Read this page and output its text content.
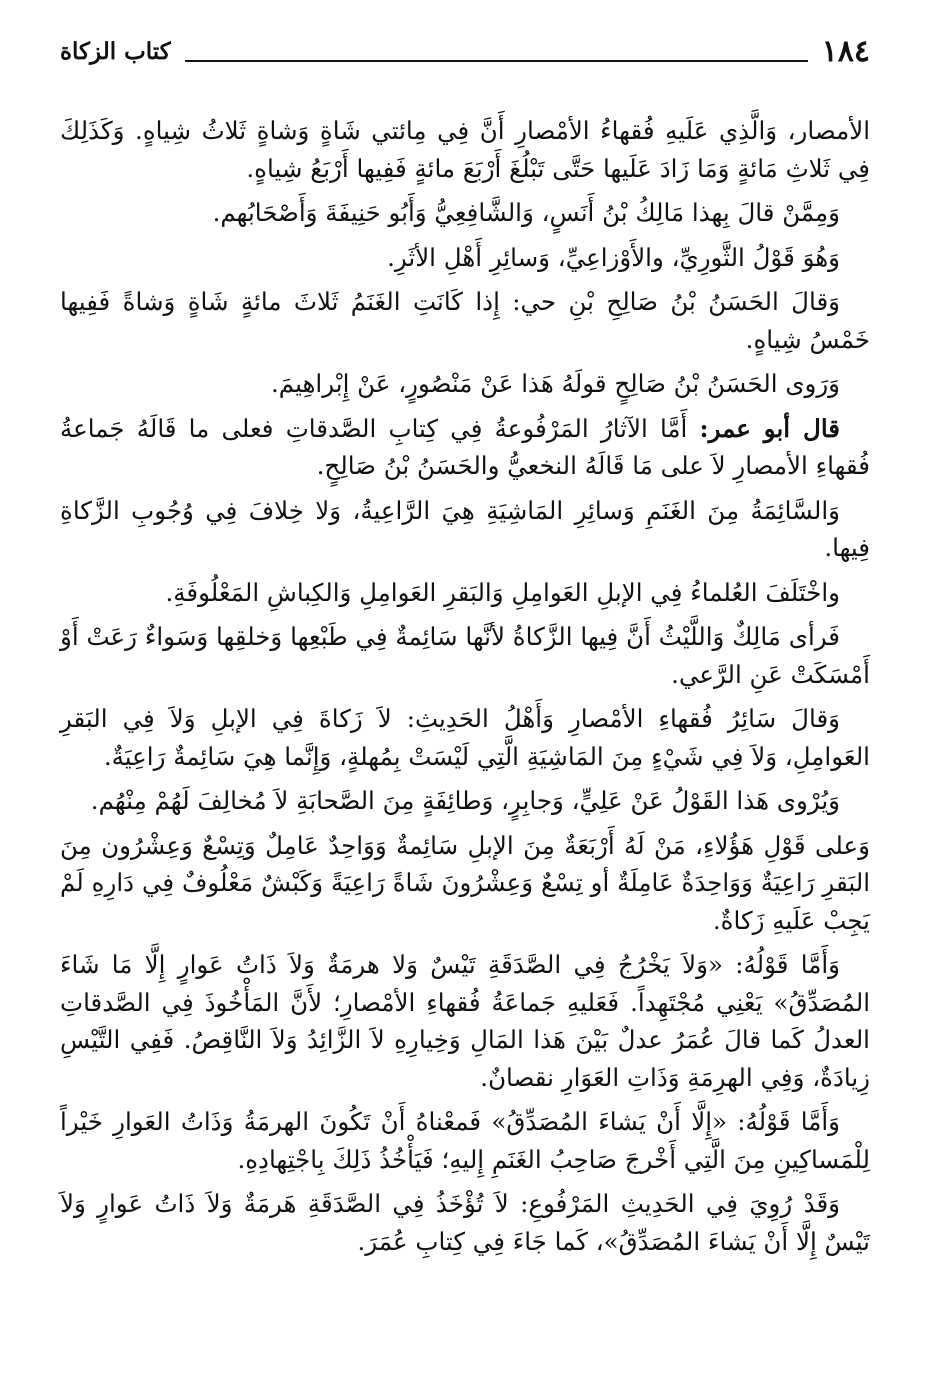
١٨٤
كتاب الزكاة

الأمصار، وَالَّذِي عَلَيهِ فُقهاءُ الأمْصارِ أَنَّ فِي مِائتي شَاةٍ وَشاةٍ ثَلاثُ شِياهٍ. وَكَذَلِكَ فِي ثَلاثِ مَائةٍ وَمَا زَادَ عَلَيها حَتَّى تَبْلُغَ أَرْبَعَ مائةٍ فَفِيها أَرْبَعُ شِياهٍ.

وَمِمَّنْ قالَ بِهذا مَالِكُ بْنُ أَنَسٍ، وَالشَّافِعِيُّ وَأَبُو حَنِيفَةَ وَأَصْحَابُهم.

وَهُوَ قَوْلُ الثَّورِيِّ، والأَوْزاعِيِّ، وَسائِرِ أَهْلِ الأثَرِ.

وَقالَ الحَسَنُ بْنُ صَالِحِ بْنِ حي: إِذا كَانَتِ الغَنَمُ ثَلاثَ مائةٍ شَاةٍ وَشاةً فَفِيها خَمْسُ شِياهٍ.

وَرَوى الحَسَنُ بْنُ صَالِحٍ قولَهُ هَذا عَنْ مَنْصُورٍ، عَنْ إِبْراهِيمَ.

قال أبو عمر: أَمَّا الآثارُ المَرْفُوعةُ فِي كِتابِ الصَّدقاتِ فعلى ما قَالَهُ جَماعةُ فُقهاءِ الأمصارِ لاَ على مَا قَالَهُ النخعيُّ والحَسَنُ بْنُ صَالِحٍ.

وَالسَّائِمَةُ مِنَ الغَنَمِ وَسائِرِ المَاشِيَةِ هِيَ الرَّاعِيةُ، وَلا خِلافَ فِي وُجُوبِ الزَّكاةِ فِيها.

واخْتَلَفَ العُلماءُ فِي الإبلِ العَوامِلِ وَالبَقرِ العَوامِلِ وَالكِباشِ المَعْلُوفَةِ.

فَرأى مَالِكٌ وَاللَّيْثُ أَنَّ فِيها الزَّكاةُ لأنَّها سَائِمةٌ فِي طَبْعِها وَخلقِها وَسَواءٌ رَعَتْ أَوْ أَمْسَكَتْ عَنِ الرَّعي.

وَقالَ سَائِرُ فُقهاءِ الأمْصارِ وَأَهْلُ الحَدِيثِ: لاَ زَكاةَ فِي الإبلِ وَلاَ فِي البَقرِ العَوامِلِ، وَلاَ فِي شَيْءٍ مِنَ المَاشِيَةِ الَّتِي لَيْسَتْ بِمُهلةٍ، وَإِنَّما هِيَ سَائِمةٌ رَاعِيَةٌ.

وَيُرْوى هَذا القَوْلُ عَنْ عَلِيٍّ، وَجابِرٍ، وَطائِفَةٍ مِنَ الصَّحابَةِ لاَ مُخالِفَ لَهُمْ مِنْهُم.

وَعلى قَوْلِ هَؤُلاءِ، مَنْ لَهُ أَرْبَعَةٌ مِنَ الإبلِ سَائِمةٌ وَوَاحِدٌ عَامِلٌ وَتِسْعٌ وَعِشْرُون مِنَ البَقرِ رَاعِيَةٌ وَوَاحِدَةٌ عَامِلَةٌ أو تِسْعٌ وَعِشْرُونَ شَاةً رَاعِيَةً وَكَبْشٌ مَعْلُوفٌ فِي دَارِهِ لَمْ يَجِبْ عَلَيهِ زَكاةٌ.

وَأَمَّا قَوْلُهُ: «وَلاَ يَخْرُجُ فِي الصَّدَقَةِ تَيْسٌ وَلا هرمَةٌ وَلاَ ذَاتُ عَوارٍ إِلَّا مَا شَاءَ المُصَدِّقُ» يَعْنِي مُجْتَهِداً. فَعَليهِ جَماعَةُ فُقهاءِ الأمْصارِ؛ لأَنَّ المَأْخُوذَ فِي الصَّدقاتِ العدلُ كَما قالَ عُمَرُ عدلٌ بَيْنَ هَذا المَالِ وَخِيارِهِ لاَ الزَّائِدُ وَلاَ النَّاقِصُ. فَفِي التَّيْسِ زِيادَةٌ، وَفِي الهرِمَةِ وَذَاتِ العَوَارِ نقصانٌ.

وَأَمَّا قَوْلُهُ: «إِلَّا أَنْ يَشاءَ المُصَدِّقُ» فَمعْناهُ أَنْ تَكُونَ الهرمَةُ وَذَاتُ العَوارِ خَيْراً لِلْمَساكِينِ مِنَ الَّتِي أَخْرجَ صَاحِبُ الغَنَمِ إِليهِ؛ فَيَأْخُذُ ذَلِكَ بِاجْتِهادِهِ.

وَقَدْ رُوِيَ فِي الحَدِيثِ المَرْفُوعِ: لاَ تُؤْخَذُ فِي الصَّدَقَةِ هَرمَةٌ وَلاَ ذَاتُ عَوارٍ وَلاَ تَيْسٌ إِلَّا أَنْ يَشاءَ المُصَدِّقُ»، كَما جَاءَ فِي كِتابِ عُمَرَ.
